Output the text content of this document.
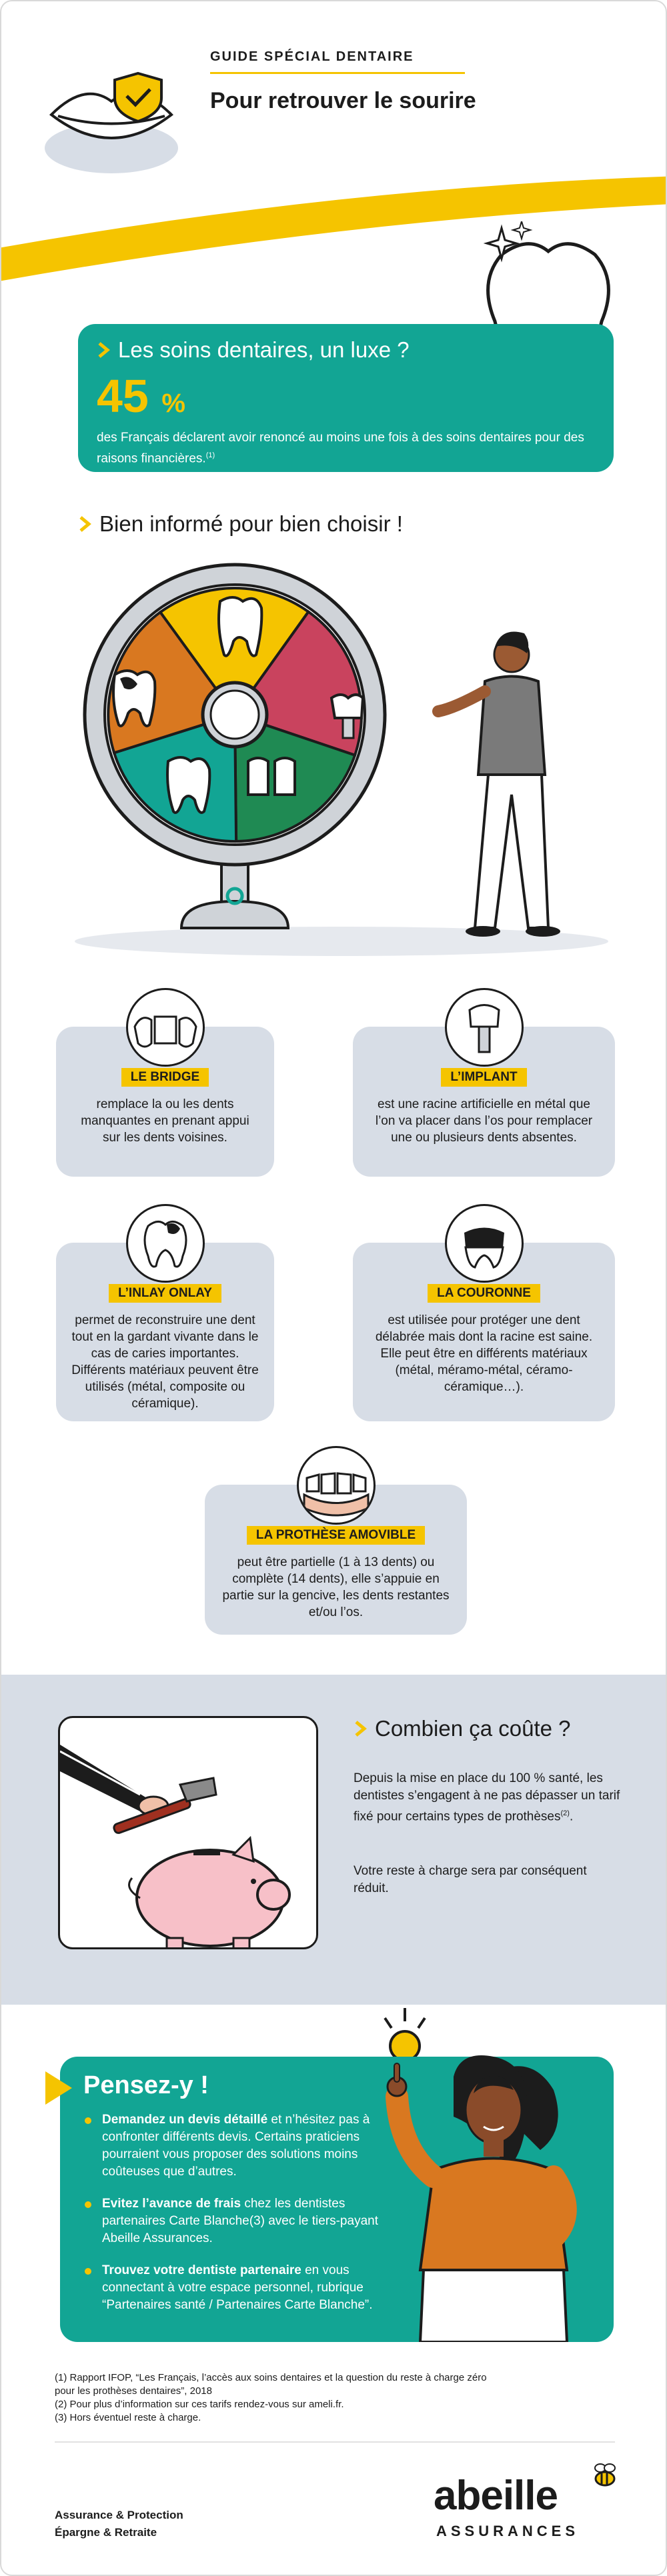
GUIDE SPÉCIAL DENTAIRE
Pour retrouver le sourire
Les soins dentaires, un luxe ?
45 %
des Français déclarent avoir renoncé au moins une fois à des soins dentaires pour des raisons financières.$^{(1)}$
Bien informé pour bien choisir !
LE BRIDGE
remplace la ou les dents manquantes en prenant appui sur les dents voisines.
L’IMPLANT
est une racine artificielle en métal que l’on va placer dans l’os pour remplacer une ou plusieurs dents absentes.
L’INLAY ONLAY
permet de reconstruire une dent tout en la gardant vivante dans le cas de caries importantes. Différents matériaux peuvent être utilisés (métal, composite ou céramique).
LA COURONNE
est utilisée pour protéger une dent délabrée mais dont la racine est saine. Elle peut être en différents matériaux (métal, méramo-métal, céramo-céramique…).
LA PROTHÈSE AMOVIBLE
peut être partielle (1 à 13 dents) ou complète (14 dents), elle s’appuie en partie sur la gencive, les dents restantes et/ou l’os.
Combien ça coûte ?
Depuis la mise en place du 100 % santé, les dentistes s’engagent à ne pas dépasser un tarif fixé pour certains types de prothèses$^{(2)}$.
Votre reste à charge sera par conséquent réduit.
Pensez-y !
Demandez un devis détaillé et n’hésitez pas à confronter différents devis. Certains praticiens pourraient vous proposer des solutions moins coûteuses que d’autres.
Evitez l’avance de frais chez les dentistes partenaires Carte Blanche(3) avec le tiers-payant Abeille Assurances.
Trouvez votre dentiste partenaire en vous connectant à votre espace personnel, rubrique “Partenaires santé / Partenaires Carte Blanche”.
(1) Rapport IFOP, “Les Français, l’accès aux soins dentaires et la question du reste à charge zéro
pour les prothèses dentaires”, 2018
(2) Pour plus d’information sur ces tarifs rendez-vous sur ameli.fr.
(3) Hors éventuel reste à charge.
Assurance & Protection
Épargne & Retraite
abeille
ASSURANCES
